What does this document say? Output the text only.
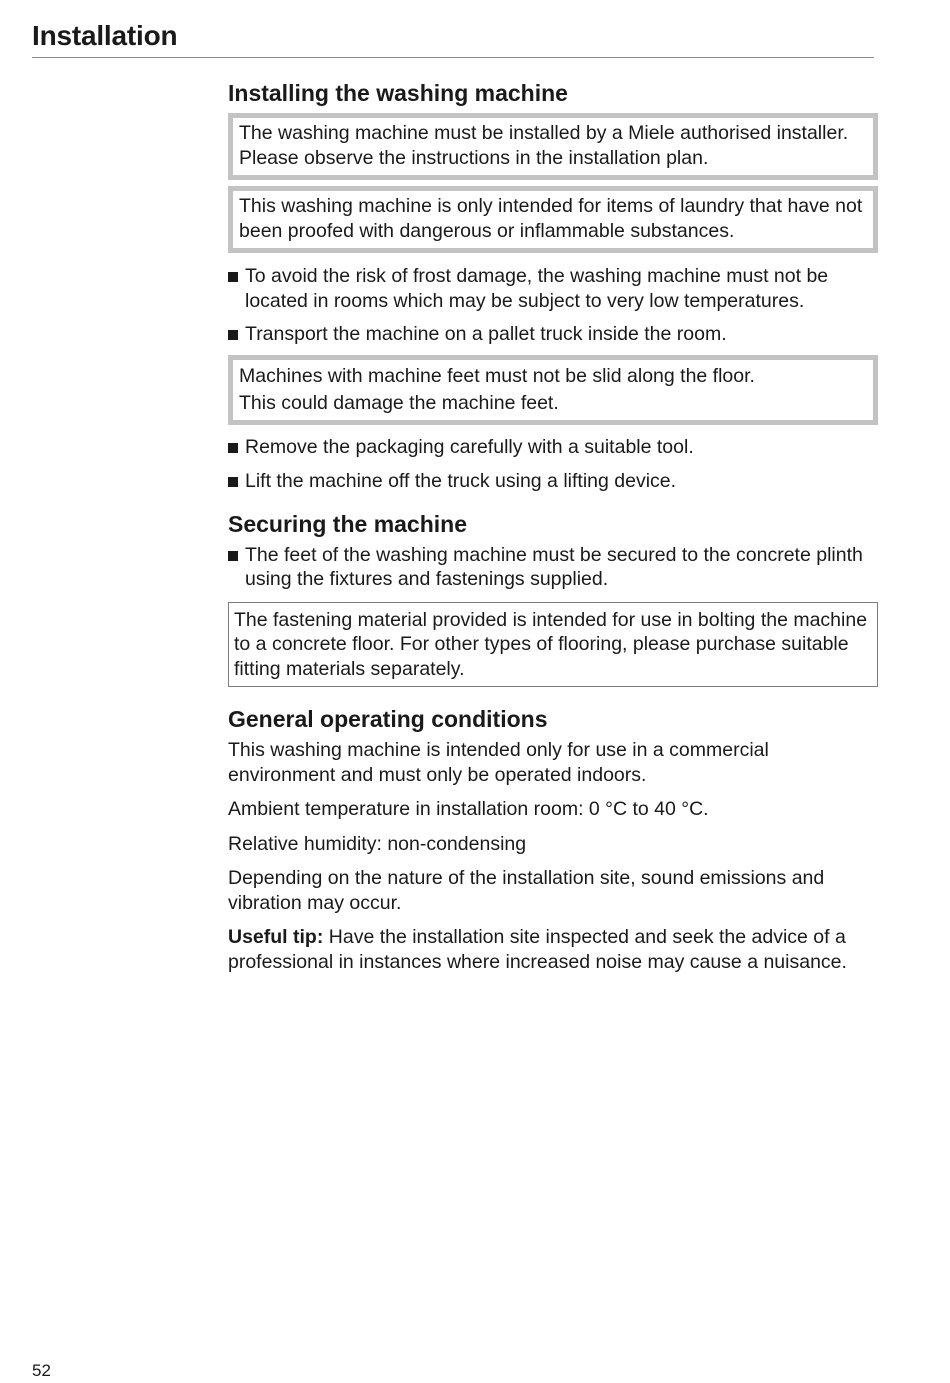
Installation
Installing the washing machine

The washing machine must be installed by a Miele authorised installer. Please observe the instructions in the installation plan.

This washing machine is only intended for items of laundry that have not been proofed with dangerous or inflammable substances.

To avoid the risk of frost damage, the washing machine must not be located in rooms which may be subject to very low temperatures.
Transport the machine on a pallet truck inside the room.

Machines with machine feet must not be slid along the floor.

This could damage the machine feet.

Remove the packaging carefully with a suitable tool.
Lift the machine off the truck using a lifting device.
Securing the machine
The feet of the washing machine must be secured to the concrete plinth using the fixtures and fastenings supplied.

The fastening material provided is intended for use in bolting the machine to a concrete floor. For other types of flooring, please purchase suitable fitting materials separately.

General operating conditions

This washing machine is intended only for use in a commercial environment and must only be operated indoors.

Ambient temperature in installation room: 0 °C to 40 °C.

Relative humidity: non-condensing

Depending on the nature of the installation site, sound emissions and vibration may occur.

Useful tip: Have the installation site inspected and seek the advice of a professional in instances where increased noise may cause a nuisance.

52
